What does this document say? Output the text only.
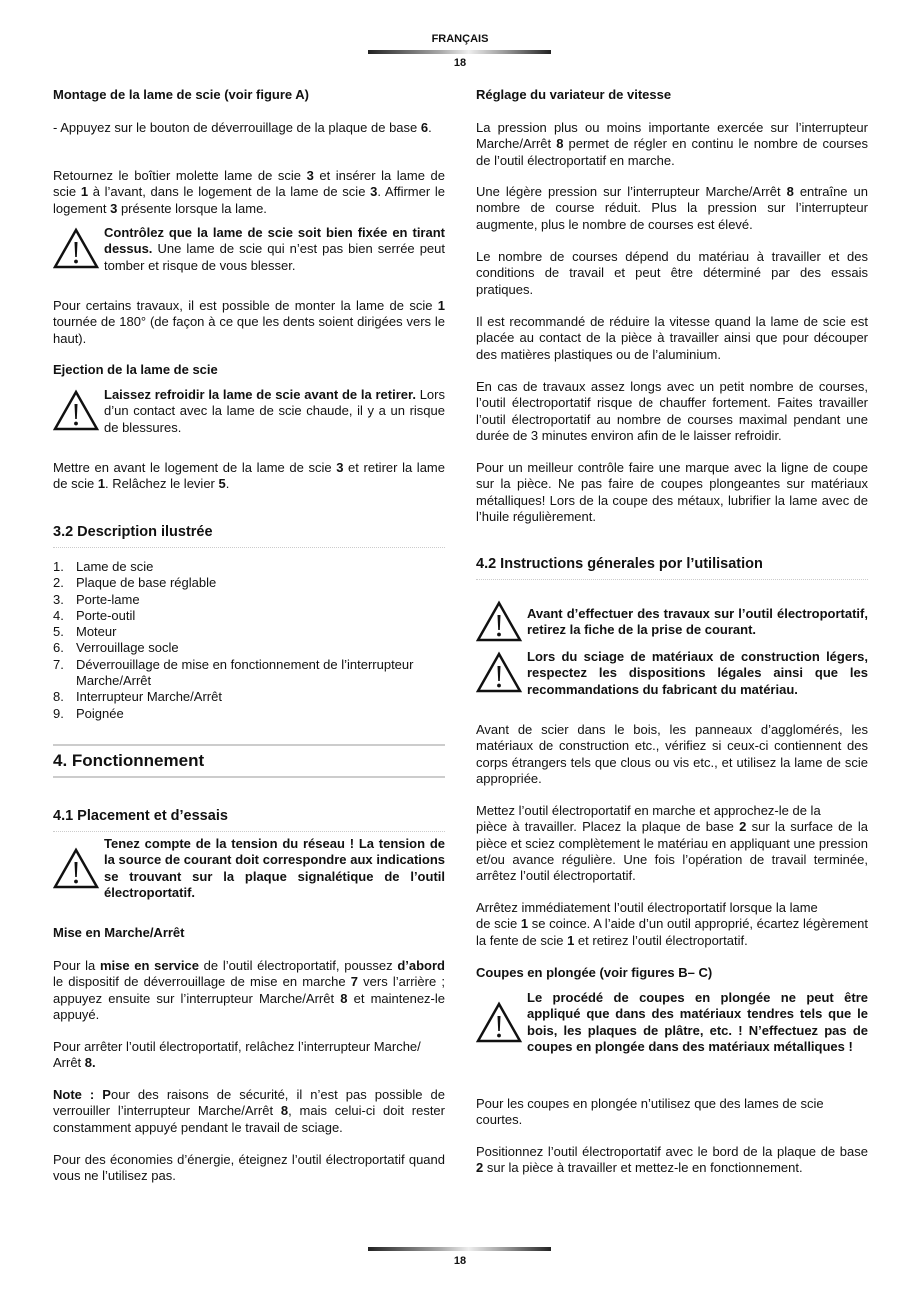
FRANÇAIS
18
Montage de la lame de scie (voir figure A)
- Appuyez sur le bouton de déverrouillage de la plaque de base 6.
Retournez le boîtier molette lame de scie 3 et insérer la lame de scie 1 à l’avant, dans le logement de la lame de scie 3. Affirmer le logement 3 présente lorsque la lame.
Contrôlez que la lame de scie soit bien fixée en tirant dessus. Une lame de scie qui n’est pas bien serrée peut tomber et risque de vous blesser.
Pour certains travaux, il est possible de monter la lame de scie 1 tournée de 180° (de façon à ce que les dents soient dirigées vers le haut).
Ejection de la lame de scie
Laissez refroidir la lame de scie avant de la retirer. Lors d’un contact avec la lame de scie chaude, il y a un risque de blessures.
Mettre en avant le logement de la lame de scie 3 et retirer la lame de scie 1. Relâchez le levier 5.
3.2 Description ilustrée
1. Lame de scie
2. Plaque de base réglable
3. Porte-lame
4. Porte-outil
5. Moteur
6. Verrouillage socle
7. Déverrouillage de mise en fonctionnement de l’interrupteur Marche/Arrêt
8. Interrupteur Marche/Arrêt
9. Poignée
4. Fonctionnement
4.1 Placement et d’essais
Tenez compte de la tension du réseau ! La tension de la source de courant doit correspondre aux indications se trouvant sur la plaque signalétique de l’outil électroportatif.
Mise en Marche/Arrêt
Pour la mise en service de l’outil électroportatif, poussez d’abord le dispositif de déverrouillage de mise en marche 7 vers l’arrière ; appuyez ensuite sur l’interrupteur Marche/Arrêt 8 et maintenez-le appuyé.
Pour arrêter l’outil électroportatif, relâchez l’interrupteur Marche/
Arrêt 8.
Note : Pour des raisons de sécurité, il n’est pas possible de verrouiller l’interrupteur Marche/Arrêt 8, mais celui-ci doit rester constamment appuyé pendant le travail de sciage.
Pour des économies d’énergie, éteignez l’outil électroportatif quand vous ne l’utilisez pas.
Réglage du variateur de vitesse
La pression plus ou moins importante exercée sur l’interrupteur Marche/Arrêt 8 permet de régler en continu le nombre de courses de l’outil électroportatif en marche.
Une légère pression sur l’interrupteur Marche/Arrêt 8 entraîne un nombre de course réduit. Plus la pression sur l’interrupteur augmente, plus le nombre de courses est élevé.
Le nombre de courses dépend du matériau à travailler et des conditions de travail et peut être déterminé par des essais pratiques.
Il est recommandé de réduire la vitesse quand la lame de scie est placée au contact de la pièce à travailler ainsi que pour découper des matières plastiques ou de l’aluminium.
En cas de travaux assez longs avec un petit nombre de courses, l’outil électroportatif risque de chauffer fortement. Faites travailler l’outil électroportatif au nombre de courses maximal pendant une durée de 3 minutes environ afin de le laisser refroidir.
Pour un meilleur contrôle faire une marque avec la ligne de coupe sur la pièce. Ne pas faire de coupes plongeantes sur matériaux métalliques! Lors de la coupe des métaux, lubrifier la lame avec de l’huile régulièrement.
4.2 Instructions génerales por l’utilisation
Avant d’effectuer des travaux sur l’outil électroportatif, retirez la fiche de la prise de courant.
Lors du sciage de matériaux de construction légers, respectez les dispositions légales ainsi que les recommandations du fabricant du matériau.
Avant de scier dans le bois, les panneaux d’agglomérés, les matériaux de construction etc., vérifiez si ceux-ci contiennent des corps étrangers tels que clous ou vis etc., et utilisez la lame de scie appropriée.
Mettez l’outil électroportatif en marche et approchez-le de la
pièce à travailler. Placez la plaque de base 2 sur la surface de la pièce et sciez complètement le matériau en appliquant une pression et/ou avance régulière. Une fois l’opération de travail terminée, arrêtez l’outil électroportatif.
Arrêtez immédiatement l’outil électroportatif lorsque la lame
de scie 1 se coince. A l’aide d’un outil approprié, écartez légèrement la fente de scie 1 et retirez l’outil électroportatif.
Coupes en plongée (voir figures B– C)
Le procédé de coupes en plongée ne peut être appliqué que dans des matériaux tendres tels que le bois, les plaques de plâtre, etc. ! N’effectuez pas de coupes en plongée dans des matériaux métalliques !
Pour les coupes en plongée n’utilisez que des lames de scie
courtes.
Positionnez l’outil électroportatif avec le bord de la plaque de base 2 sur la pièce à travailler et mettez-le en fonctionnement.
18
